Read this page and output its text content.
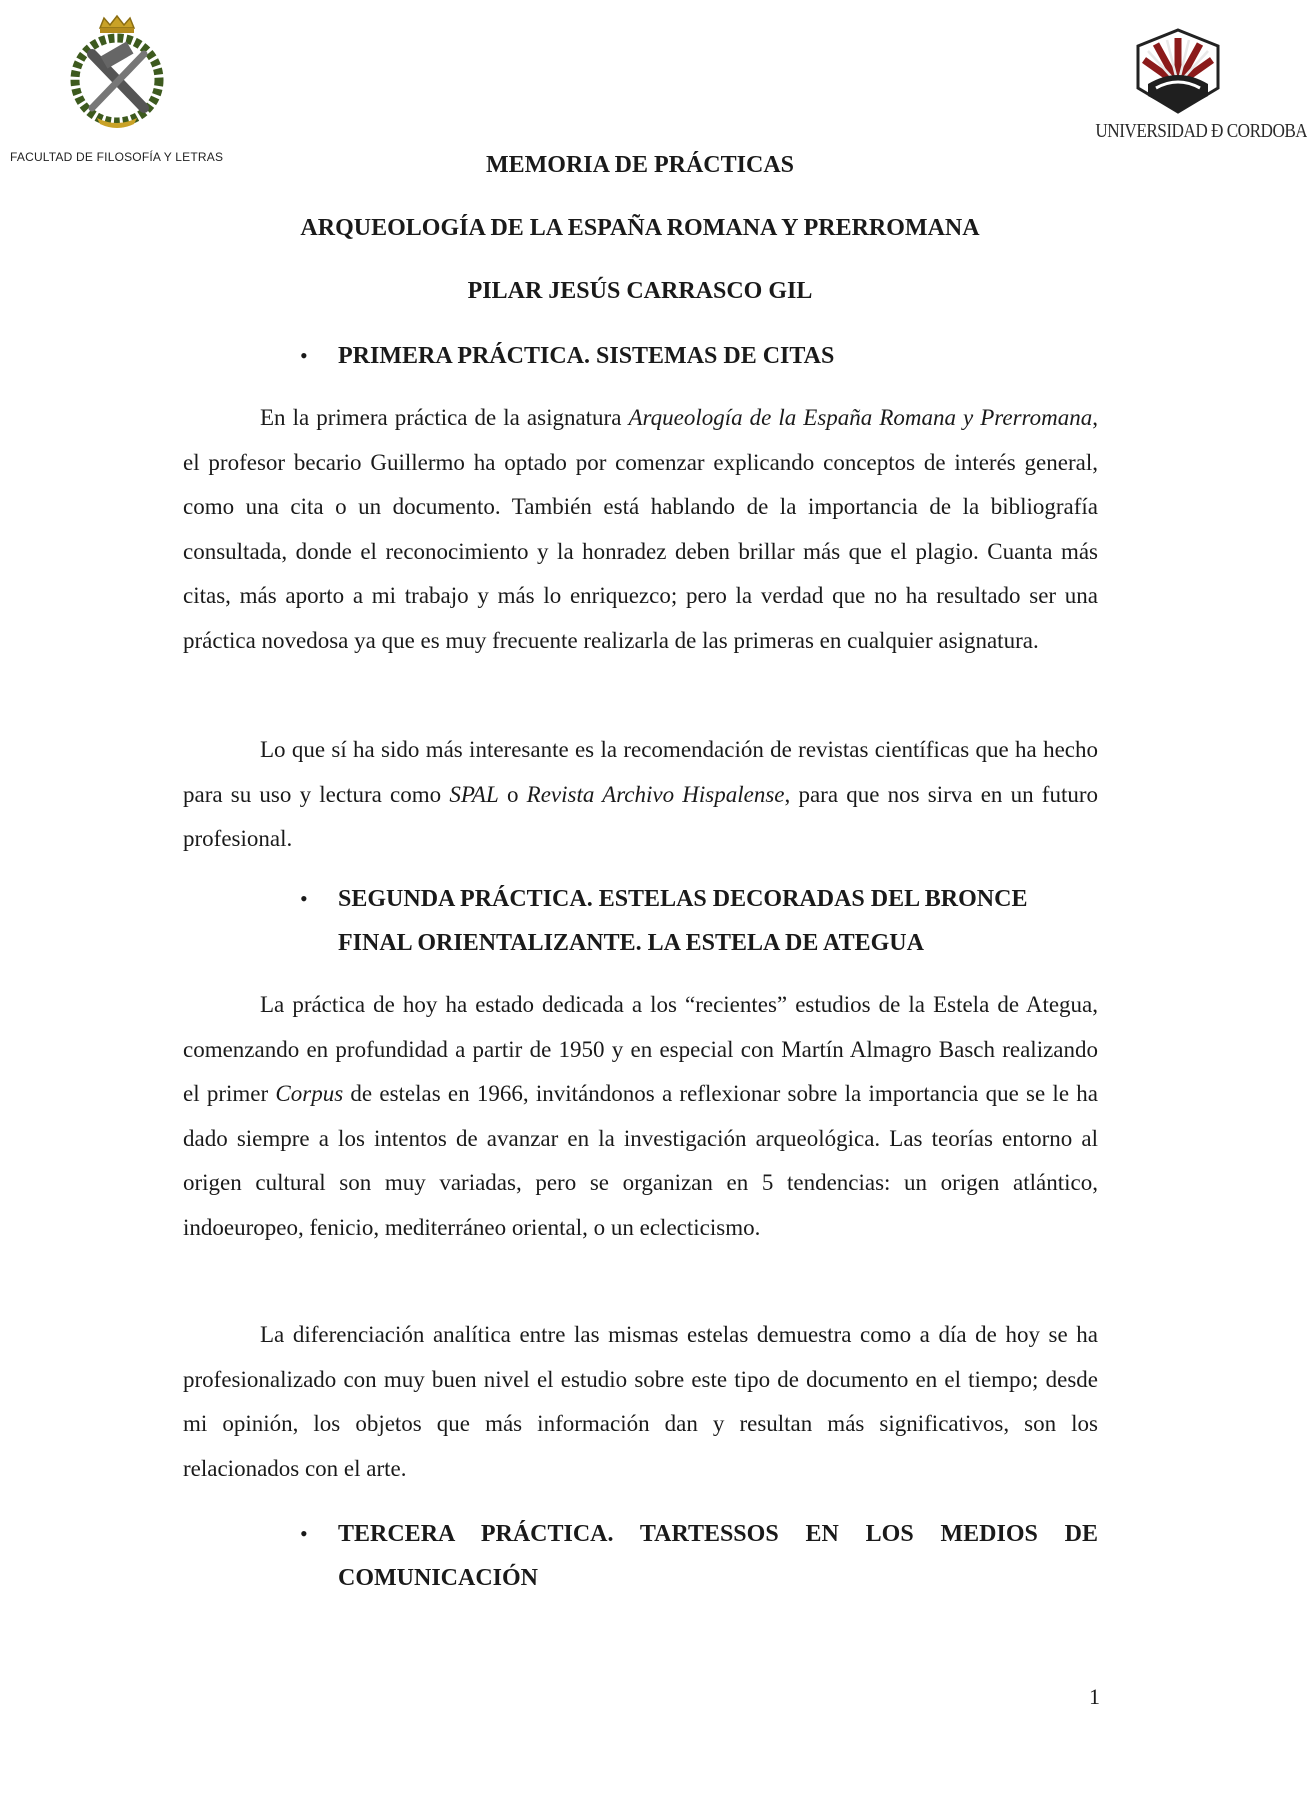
FACULTAD DE FILOSOFÍA Y LETRAS
UNIVERSIDAD Ð CORDOBA
MEMORIA DE PRÁCTICAS
ARQUEOLOGÍA DE LA ESPAÑA ROMANA Y PRERROMANA
PILAR JESÚS CARRASCO GIL
• PRIMERA PRÁCTICA. SISTEMAS DE CITAS

En la primera práctica de la asignatura Arqueología de la España Romana y Prerromana, el profesor becario Guillermo ha optado por comenzar explicando conceptos de interés general, como una cita o un documento. También está hablando de la importancia de la bibliografía consultada, donde el reconocimiento y la honradez deben brillar más que el plagio. Cuanta más citas, más aporto a mi trabajo y más lo enriquezco; pero la verdad que no ha resultado ser una práctica novedosa ya que es muy frecuente realizarla de las primeras en cualquier asignatura.

Lo que sí ha sido más interesante es la recomendación de revistas científicas que ha hecho para su uso y lectura como SPAL o Revista Archivo Hispalense, para que nos sirva en un futuro profesional.

• SEGUNDA PRÁCTICA. ESTELAS DECORADAS DEL BRONCE FINAL ORIENTALIZANTE. LA ESTELA DE ATEGUA

La práctica de hoy ha estado dedicada a los “recientes” estudios de la Estela de Ategua, comenzando en profundidad a partir de 1950 y en especial con Martín Almagro Basch realizando el primer Corpus de estelas en 1966, invitándonos a reflexionar sobre la importancia que se le ha dado siempre a los intentos de avanzar en la investigación arqueológica. Las teorías entorno al origen cultural son muy variadas, pero se organizan en 5 tendencias: un origen atlántico, indoeuropeo, fenicio, mediterráneo oriental, o un eclecticismo.

La diferenciación analítica entre las mismas estelas demuestra como a día de hoy se ha profesionalizado con muy buen nivel el estudio sobre este tipo de documento en el tiempo; desde mi opinión, los objetos que más información dan y resultan más significativos, son los relacionados con el arte.

• TERCERA PRÁCTICA. TARTESSOS EN LOS MEDIOS DE COMUNICACIÓN
1
